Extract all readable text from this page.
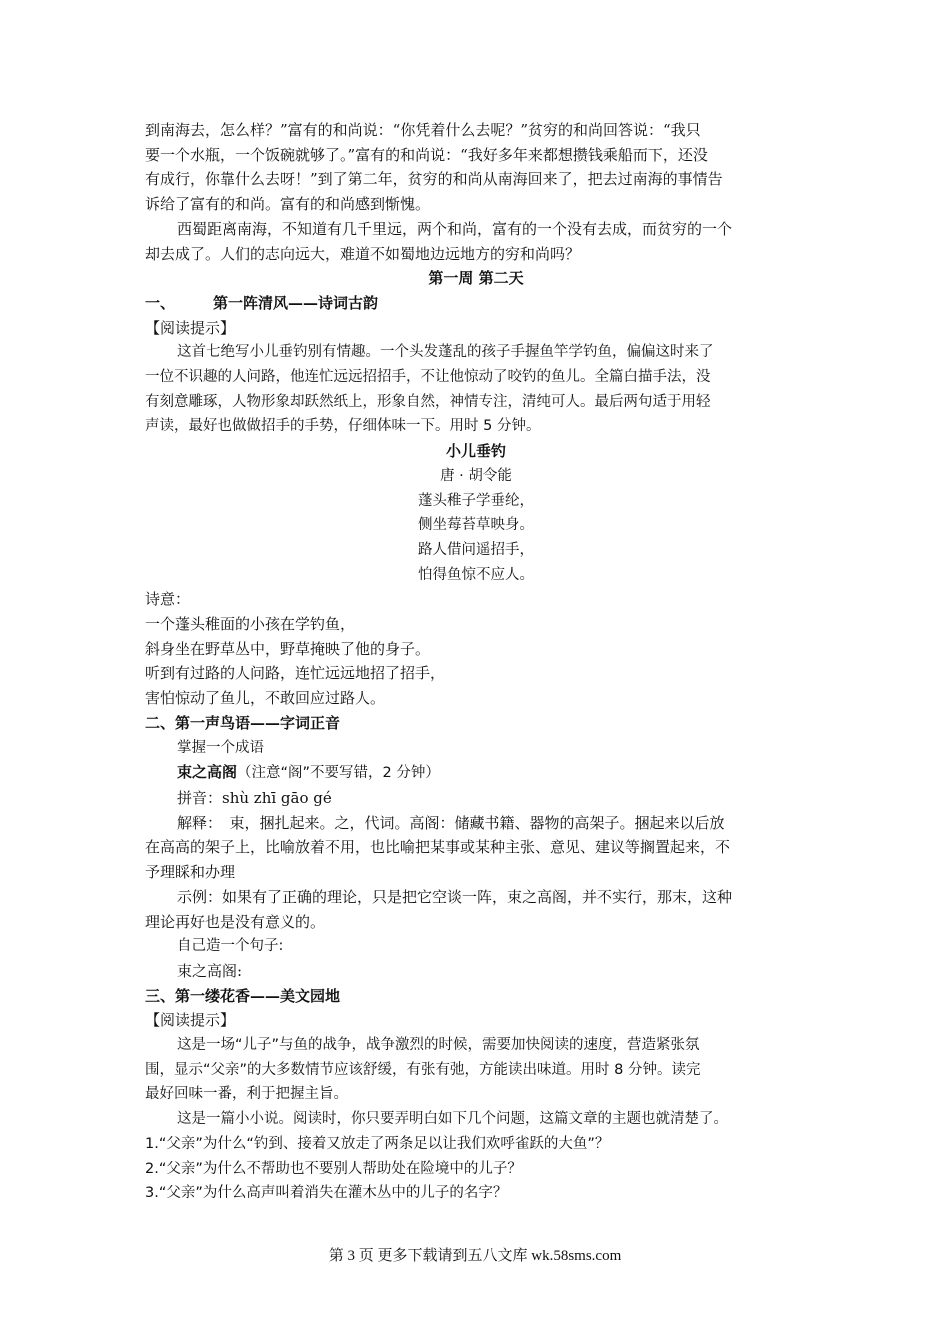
到南海去，怎么样？”富有的和尚说：“你凭着什么去呢？”贫穷的和尚回答说：“我只
要一个水瓶，一个饭碗就够了。”富有的和尚说：“我好多年来都想攒钱乘船而下，还没
有成行，你靠什么去呀！”到了第二年，贫穷的和尚从南海回来了，把去过南海的事情告
诉给了富有的和尚。富有的和尚感到惭愧。

西蜀距离南海，不知道有几千里远，两个和尚，富有的一个没有去成，而贫穷的一个
却去成了。人们的志向远大，难道不如蜀地边远地方的穷和尚吗？

第一周 第二天

一、	第一阵清风——诗词古韵

【阅读提示】

这首七绝写小儿垂钓别有情趣。一个头发蓬乱的孩子手握鱼竿学钓鱼，偏偏这时来了
一位不识趣的人问路，他连忙远远招招手，不让他惊动了咬钓的鱼儿。全篇白描手法，没
有刻意雕琢，人物形象却跃然纸上，形象自然，神情专注，清纯可人。最后两句适于用轻
声读，最好也做做招手的手势，仔细体味一下。用时 5 分钟。

小儿垂钓

唐 · 胡令能

蓬头稚子学垂纶，

侧坐莓苔草映身。

路人借问遥招手，

怕得鱼惊不应人。

诗意：

一个蓬头稚面的小孩在学钓鱼，

斜身坐在野草丛中，野草掩映了他的身子。

听到有过路的人问路，连忙远远地招了招手，

害怕惊动了鱼儿，不敢回应过路人。

二、第一声鸟语——字词正音

掌握一个成语

束之高阁（注意“阁”不要写错，2 分钟）

拼音：shù zhī gāo gé

解释：　束，捆扎起来。之，代词。高阁：储藏书籍、器物的高架子。捆起来以后放
在高高的架子上，比喻放着不用，也比喻把某事或某种主张、意见、建议等搁置起来，不
予理睬和办理

示例：如果有了正确的理论，只是把它空谈一阵，束之高阁，并不实行，那末，这种
理论再好也是没有意义的。

自己造一个句子:

束之高阁:

三、第一缕花香——美文园地

【阅读提示】

这是一场“儿子”与鱼的战争，战争激烈的时候，需要加快阅读的速度，营造紧张氛
围，显示“父亲”的大多数情节应该舒缓，有张有弛，方能读出味道。用时 8 分钟。读完
最好回味一番，利于把握主旨。

这是一篇小小说。阅读时，你只要弄明白如下几个问题，这篇文章的主题也就清楚了。

1.“父亲”为什么“钓到、接着又放走了两条足以让我们欢呼雀跃的大鱼”？

2.“父亲”为什么不帮助也不要别人帮助处在险境中的儿子？

3.“父亲”为什么高声叫着消失在灌木丛中的儿子的名字？

第 3 页 更多下载请到五八文库 wk.58sms.com
